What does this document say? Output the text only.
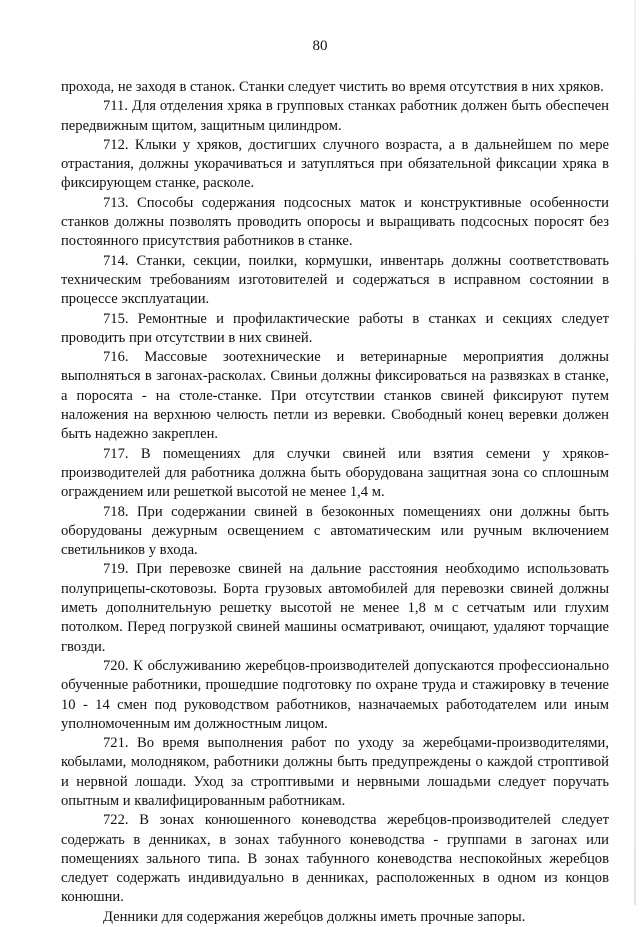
80

прохода, не заходя в станок. Станки следует чистить во время отсутствия в них хряков.

711. Для отделения хряка в групповых станках работник должен быть обеспечен передвижным щитом, защитным цилиндром.

712. Клыки у хряков, достигших случного возраста, а в дальнейшем по мере отрастания, должны укорачиваться и затупляться при обязательной фиксации хряка в фиксирующем станке, расколе.

713. Способы содержания подсосных маток и конструктивные особенности станков должны позволять проводить опоросы и выращивать подсосных поросят без постоянного присутствия работников в станке.

714. Станки, секции, поилки, кормушки, инвентарь должны соответствовать техническим требованиям изготовителей и содержаться в исправном состоянии в процессе эксплуатации.

715. Ремонтные и профилактические работы в станках и секциях следует проводить при отсутствии в них свиней.

716. Массовые зоотехнические и ветеринарные мероприятия должны выполняться в загонах-расколах. Свиньи должны фиксироваться на развязках в станке, а поросята - на столе-станке. При отсутствии станков свиней фиксируют путем наложения на верхнюю челюсть петли из веревки. Свободный конец веревки должен быть надежно закреплен.

717. В помещениях для случки свиней или взятия семени у хряков-производителей для работника должна быть оборудована защитная зона со сплошным ограждением или решеткой высотой не менее 1,4 м.

718. При содержании свиней в безоконных помещениях они должны быть оборудованы дежурным освещением с автоматическим или ручным включением светильников у входа.

719. При перевозке свиней на дальние расстояния необходимо использовать полуприцепы-скотовозы. Борта грузовых автомобилей для перевозки свиней должны иметь дополнительную решетку высотой не менее 1,8 м с сетчатым или глухим потолком. Перед погрузкой свиней машины осматривают, очищают, удаляют торчащие гвозди.

720. К обслуживанию жеребцов-производителей допускаются профессионально обученные работники, прошедшие подготовку по охране труда и стажировку в течение 10 - 14 смен под руководством работников, назначаемых работодателем или иным уполномоченным им должностным лицом.

721. Во время выполнения работ по уходу за жеребцами-производителями, кобылами, молодняком, работники должны быть предупреждены о каждой строптивой и нервной лошади. Уход за строптивыми и нервными лошадьми следует поручать опытным и квалифицированным работникам.

722. В зонах конюшенного коневодства жеребцов-производителей следует содержать в денниках, в зонах табунного коневодства - группами в загонах или помещениях зального типа. В зонах табунного коневодства неспокойных жеребцов следует содержать индивидуально в денниках, расположенных в одном из концов конюшни.

Денники для содержания жеребцов должны иметь прочные запоры.
